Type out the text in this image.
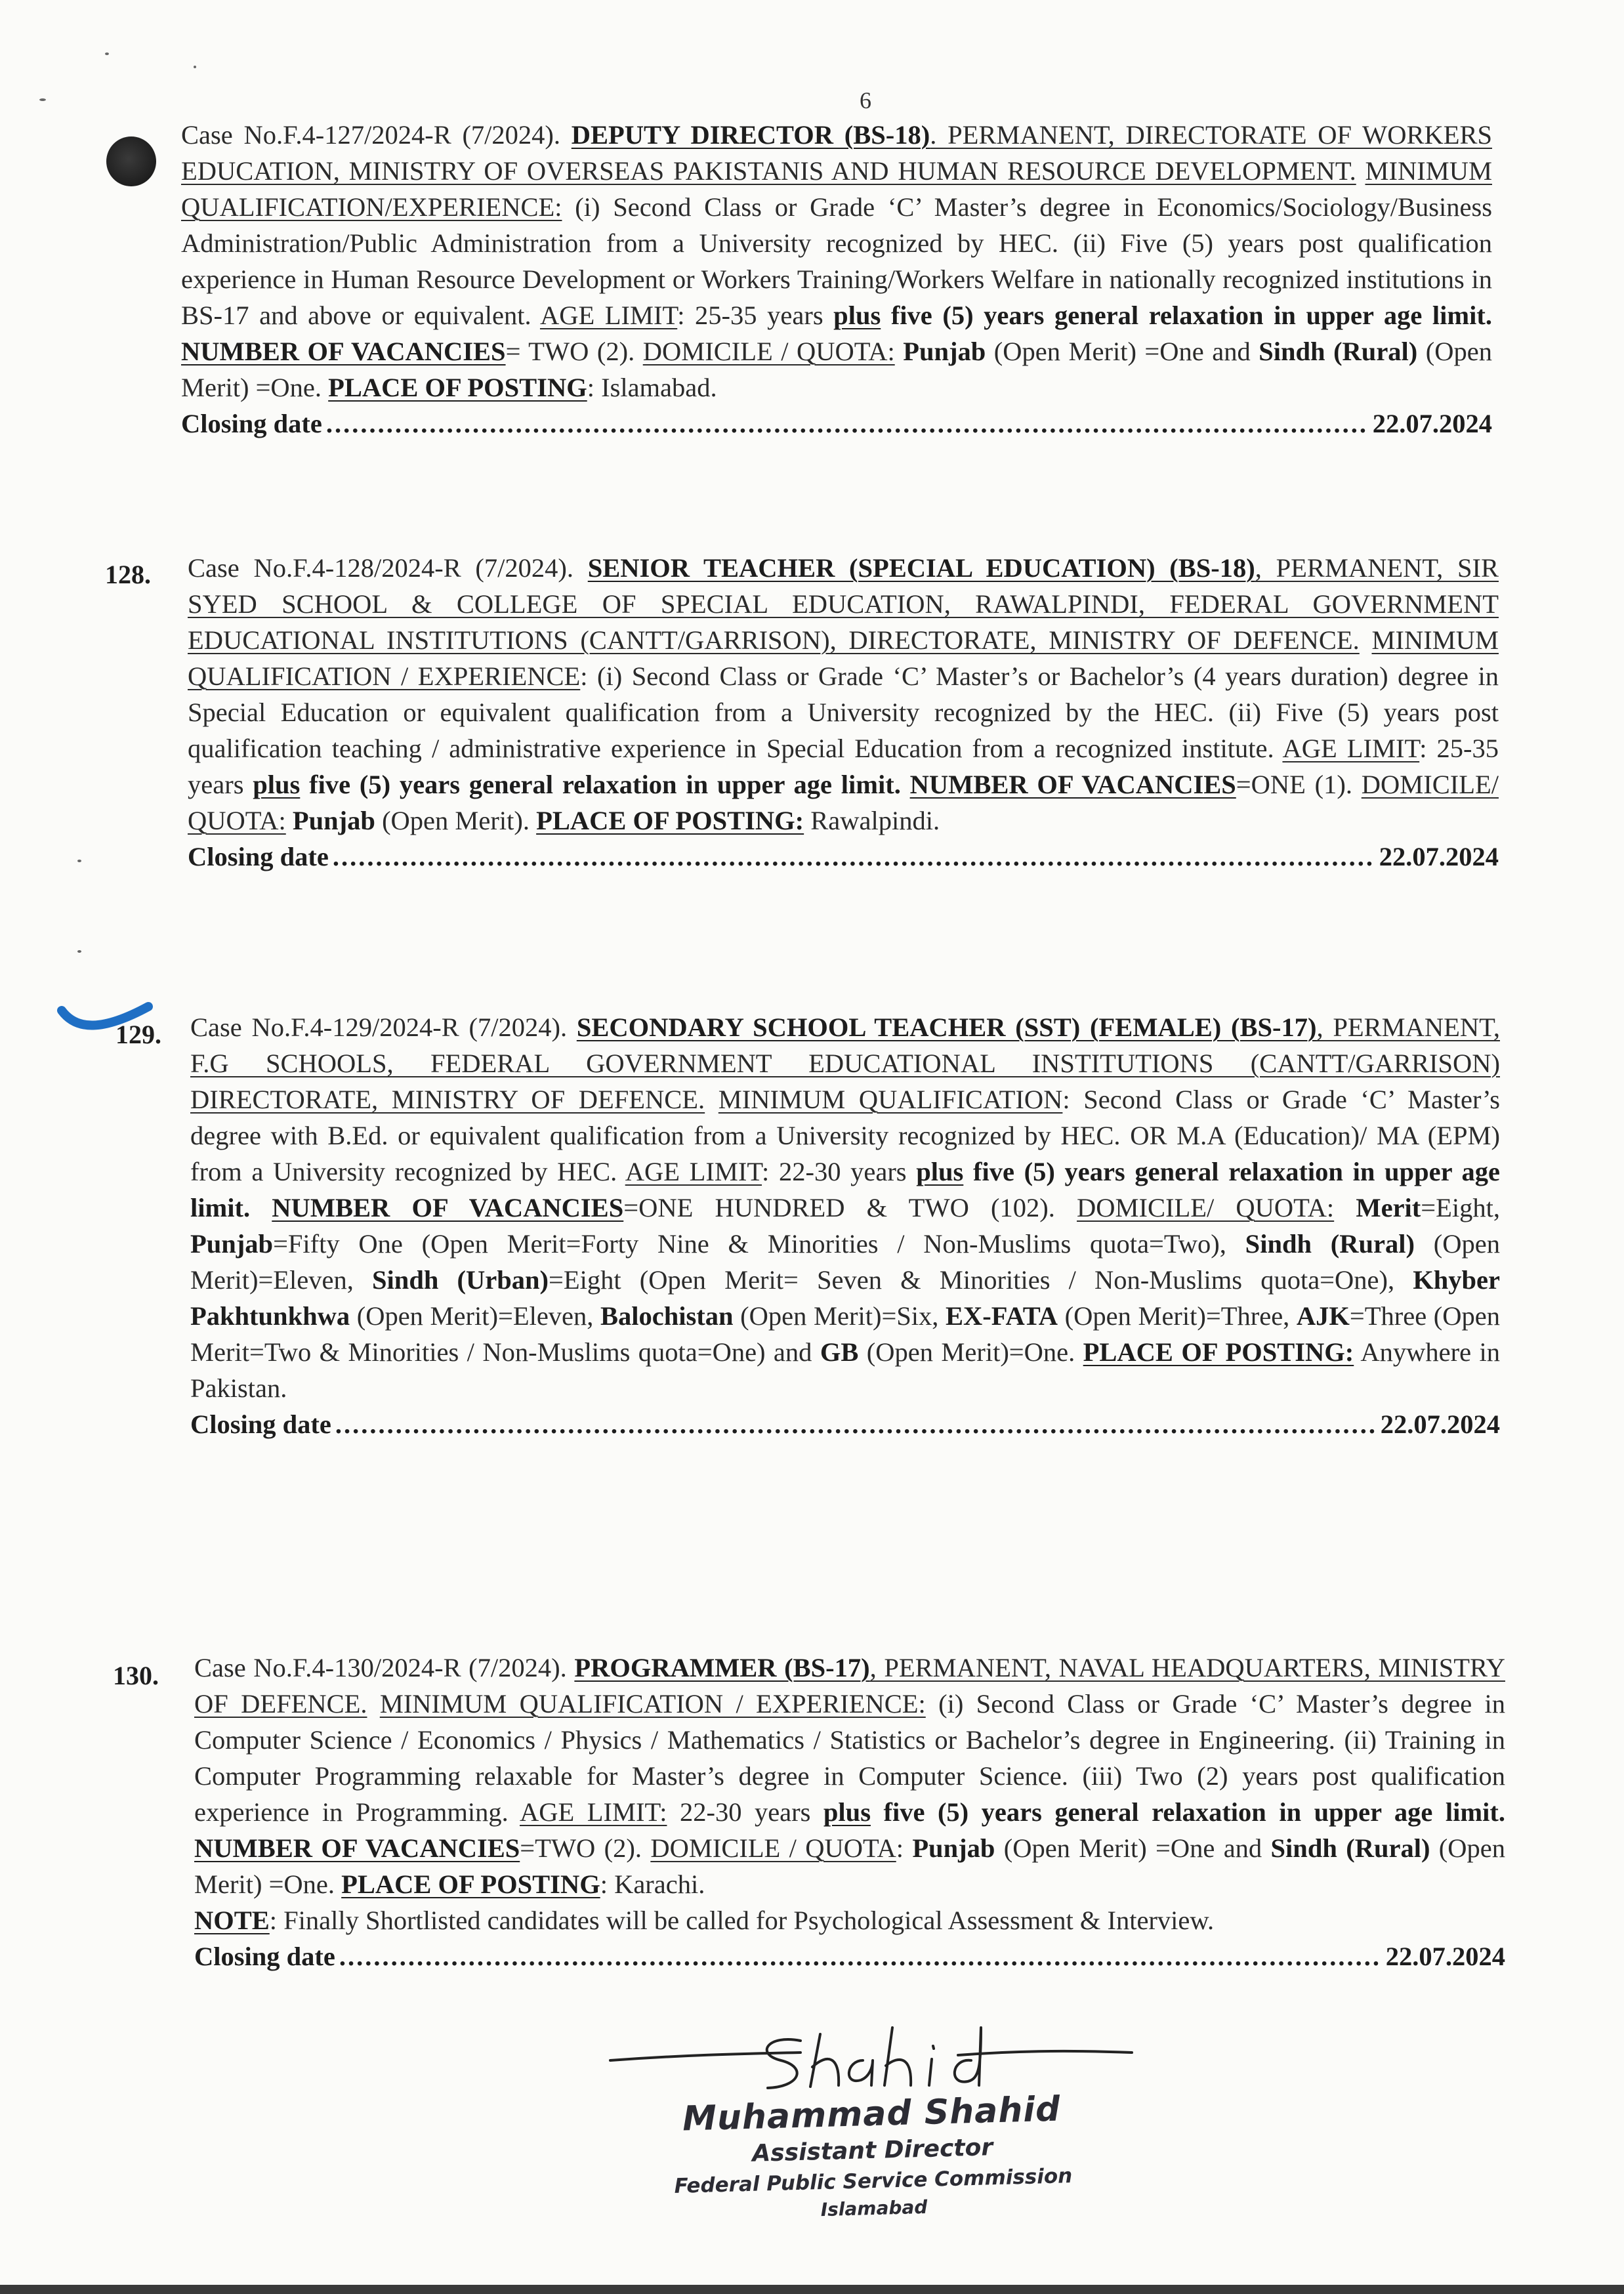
6
Case No.F.4-127/2024-R (7/2024). DEPUTY DIRECTOR (BS-18). PERMANENT, DIRECTORATE OF WORKERS EDUCATION, MINISTRY OF OVERSEAS PAKISTANIS AND HUMAN RESOURCE DEVELOPMENT. MINIMUM QUALIFICATION/EXPERIENCE: (i) Second Class or Grade ‘C’ Master’s degree in Economics/Sociology/Business Administration/Public Administration from a University recognized by HEC. (ii) Five (5) years post qualification experience in Human Resource Development or Workers Training/Workers Welfare in nationally recognized institutions in BS-17 and above or equivalent. AGE LIMIT: 25-35 years plus five (5) years general relaxation in upper age limit. NUMBER OF VACANCIES= TWO (2). DOMICILE / QUOTA: Punjab (Open Merit) =One and Sindh (Rural) (Open Merit) =One. PLACE OF POSTING: Islamabad.
Closing date .....	22.07.2024
128. Case No.F.4-128/2024-R (7/2024). SENIOR TEACHER (SPECIAL EDUCATION) (BS-18), PERMANENT, SIR SYED SCHOOL & COLLEGE OF SPECIAL EDUCATION, RAWALPINDI, FEDERAL GOVERNMENT EDUCATIONAL INSTITUTIONS (CANTT/GARRISON), DIRECTORATE, MINISTRY OF DEFENCE. MINIMUM QUALIFICATION / EXPERIENCE: (i) Second Class or Grade ‘C’ Master’s or Bachelor’s (4 years duration) degree in Special Education or equivalent qualification from a University recognized by the HEC. (ii) Five (5) years post qualification teaching / administrative experience in Special Education from a recognized institute. AGE LIMIT: 25-35 years plus five (5) years general relaxation in upper age limit. NUMBER OF VACANCIES=ONE (1). DOMICILE/ QUOTA: Punjab (Open Merit). PLACE OF POSTING: Rawalpindi.
Closing date .....	22.07.2024
129. Case No.F.4-129/2024-R (7/2024). SECONDARY SCHOOL TEACHER (SST) (FEMALE) (BS-17), PERMANENT, F.G SCHOOLS, FEDERAL GOVERNMENT EDUCATIONAL INSTITUTIONS (CANTT/GARRISON) DIRECTORATE, MINISTRY OF DEFENCE. MINIMUM QUALIFICATION: Second Class or Grade ‘C’ Master’s degree with B.Ed. or equivalent qualification from a University recognized by HEC. OR M.A (Education)/ MA (EPM) from a University recognized by HEC. AGE LIMIT: 22-30 years plus five (5) years general relaxation in upper age limit. NUMBER OF VACANCIES=ONE HUNDRED & TWO (102). DOMICILE/ QUOTA: Merit=Eight, Punjab=Fifty One (Open Merit=Forty Nine & Minorities / Non-Muslims quota=Two), Sindh (Rural) (Open Merit)=Eleven, Sindh (Urban)=Eight (Open Merit= Seven & Minorities / Non-Muslims quota=One), Khyber Pakhtunkhwa (Open Merit)=Eleven, Balochistan (Open Merit)=Six, EX-FATA (Open Merit)=Three, AJK=Three (Open Merit=Two & Minorities / Non-Muslims quota=One) and GB (Open Merit)=One. PLACE OF POSTING: Anywhere in Pakistan.
Closing date .....	22.07.2024
130. Case No.F.4-130/2024-R (7/2024). PROGRAMMER (BS-17), PERMANENT, NAVAL HEADQUARTERS, MINISTRY OF DEFENCE. MINIMUM QUALIFICATION / EXPERIENCE: (i) Second Class or Grade ‘C’ Master’s degree in Computer Science / Economics / Physics / Mathematics / Statistics or Bachelor’s degree in Engineering. (ii) Training in Computer Programming relaxable for Master’s degree in Computer Science. (iii) Two (2) years post qualification experience in Programming. AGE LIMIT: 22-30 years plus five (5) years general relaxation in upper age limit. NUMBER OF VACANCIES=TWO (2). DOMICILE / QUOTA: Punjab (Open Merit) =One and Sindh (Rural) (Open Merit) =One. PLACE OF POSTING: Karachi.
NOTE: Finally Shortlisted candidates will be called for Psychological Assessment & Interview.
Closing date .....	22.07.2024
Muhammad Shahid
Assistant Director
Federal Public Service Commission
Islamabad
